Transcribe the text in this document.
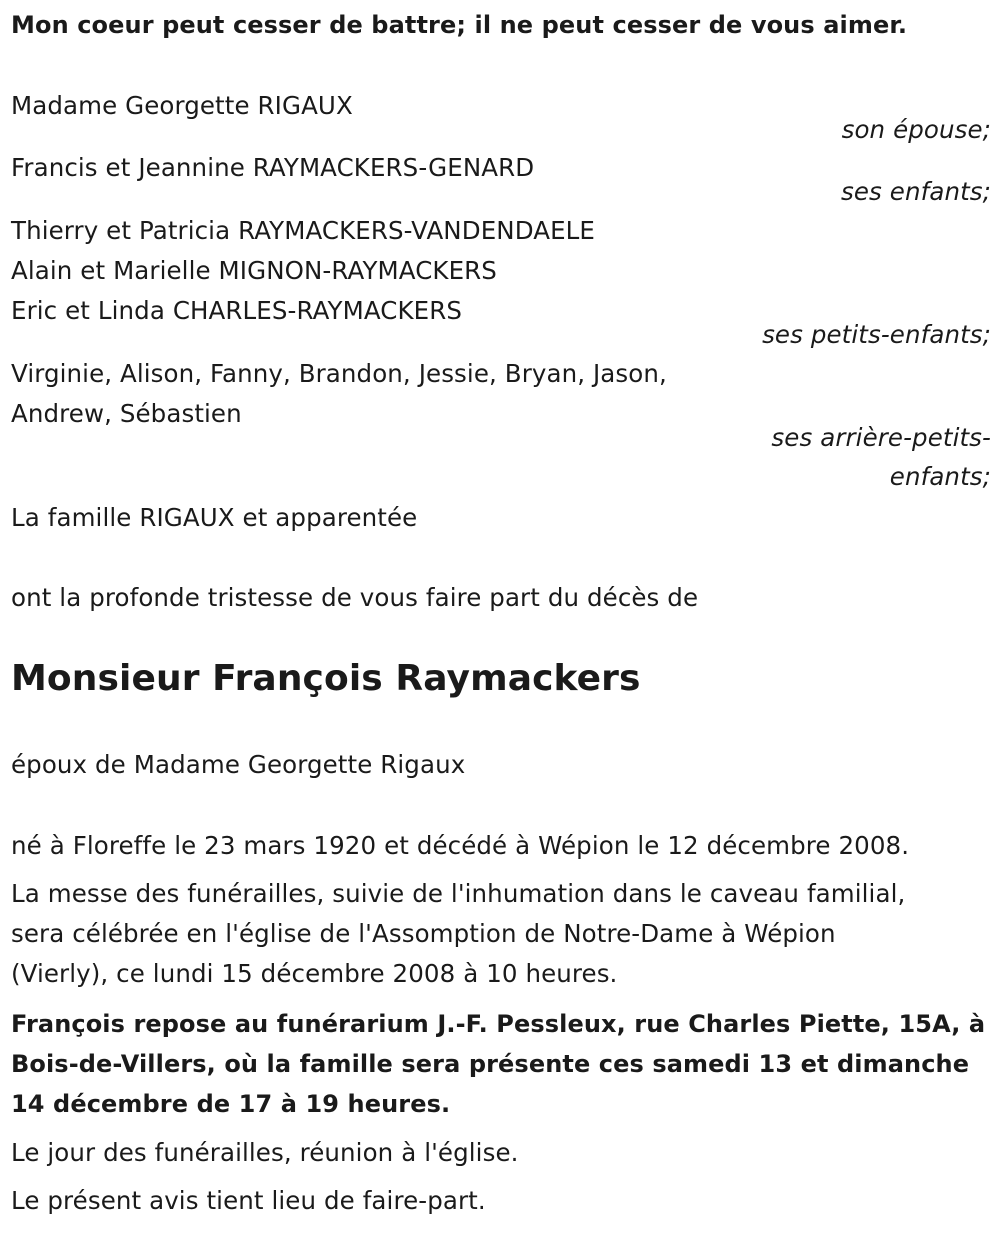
Mon coeur peut cesser de battre; il ne peut cesser de vous aimer.
Madame Georgette RIGAUX
son épouse;
Francis et Jeannine RAYMACKERS-GENARD
ses enfants;
Thierry et Patricia RAYMACKERS-VANDENDAELE
Alain et Marielle MIGNON-RAYMACKERS
Eric et Linda CHARLES-RAYMACKERS
ses petits-enfants;
Virginie, Alison, Fanny, Brandon, Jessie, Bryan, Jason,
Andrew, Sébastien
ses arrière-petits-
enfants;
La famille RIGAUX et apparentée
ont la profonde tristesse de vous faire part du décès de
Monsieur François Raymackers
époux de Madame Georgette Rigaux
né à Floreffe le 23 mars 1920 et décédé à Wépion le 12 décembre 2008.
La messe des funérailles, suivie de l'inhumation dans le caveau familial,
sera célébrée en l'église de l'Assomption de Notre-Dame à Wépion
(Vierly), ce lundi 15 décembre 2008 à 10 heures.
François repose au funérarium J.-F. Pessleux, rue Charles Piette, 15A, à
Bois-de-Villers, où la famille sera présente ces samedi 13 et dimanche
14 décembre de 17 à 19 heures.
Le jour des funérailles, réunion à l'église.
Le présent avis tient lieu de faire-part.
